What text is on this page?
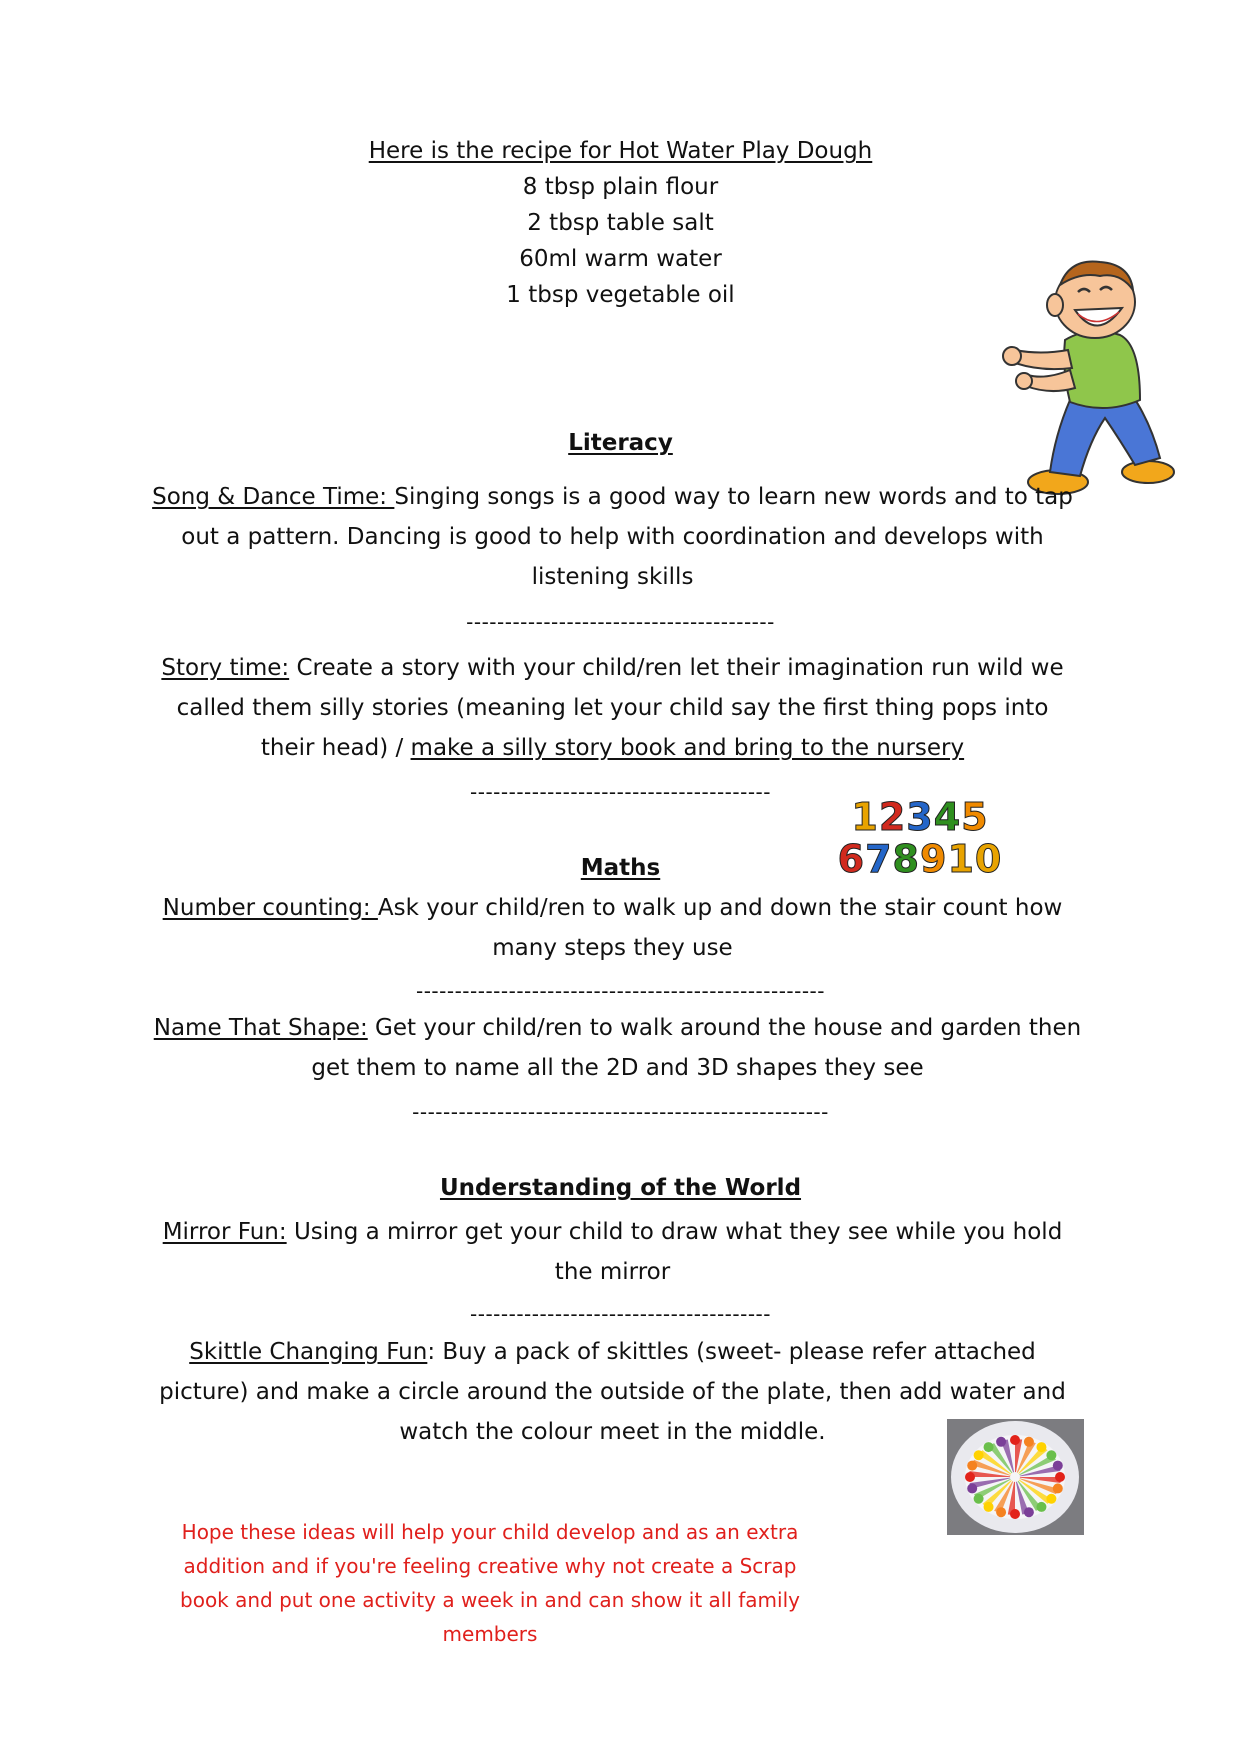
Here is the recipe for Hot Water Play Dough
8 tbsp plain flour
2 tbsp table salt
60ml warm water
1 tbsp vegetable oil
Literacy

Song & Dance Time: Singing songs is a good way to learn new words and to tap out a pattern. Dancing is good to help with coordination and develops with listening skills

----------------------------------------

Story time: Create a story with your child/ren let their imagination run wild we called them silly stories (meaning let your child say the first thing pops into their head) / make a silly story book and bring to the nursery

---------------------------------------
12345
678910
Maths

Number counting: Ask your child/ren to walk up and down the stair count how many steps they use

-----------------------------------------------------

Name That Shape: Get your child/ren to walk around the house and garden then get them to name all the 2D and 3D shapes they see

------------------------------------------------------
Understanding of the World

Mirror Fun: Using a mirror get your child to draw what they see while you hold the mirror

---------------------------------------

Skittle Changing Fun: Buy a pack of skittles (sweet- please refer attached picture) and make a circle around the outside of the plate, then add water and watch the colour meet in the middle.

Hope these ideas will help your child develop and as an extra addition and if you're feeling creative why not create a Scrap book and put one activity a week in and can show it all family members
